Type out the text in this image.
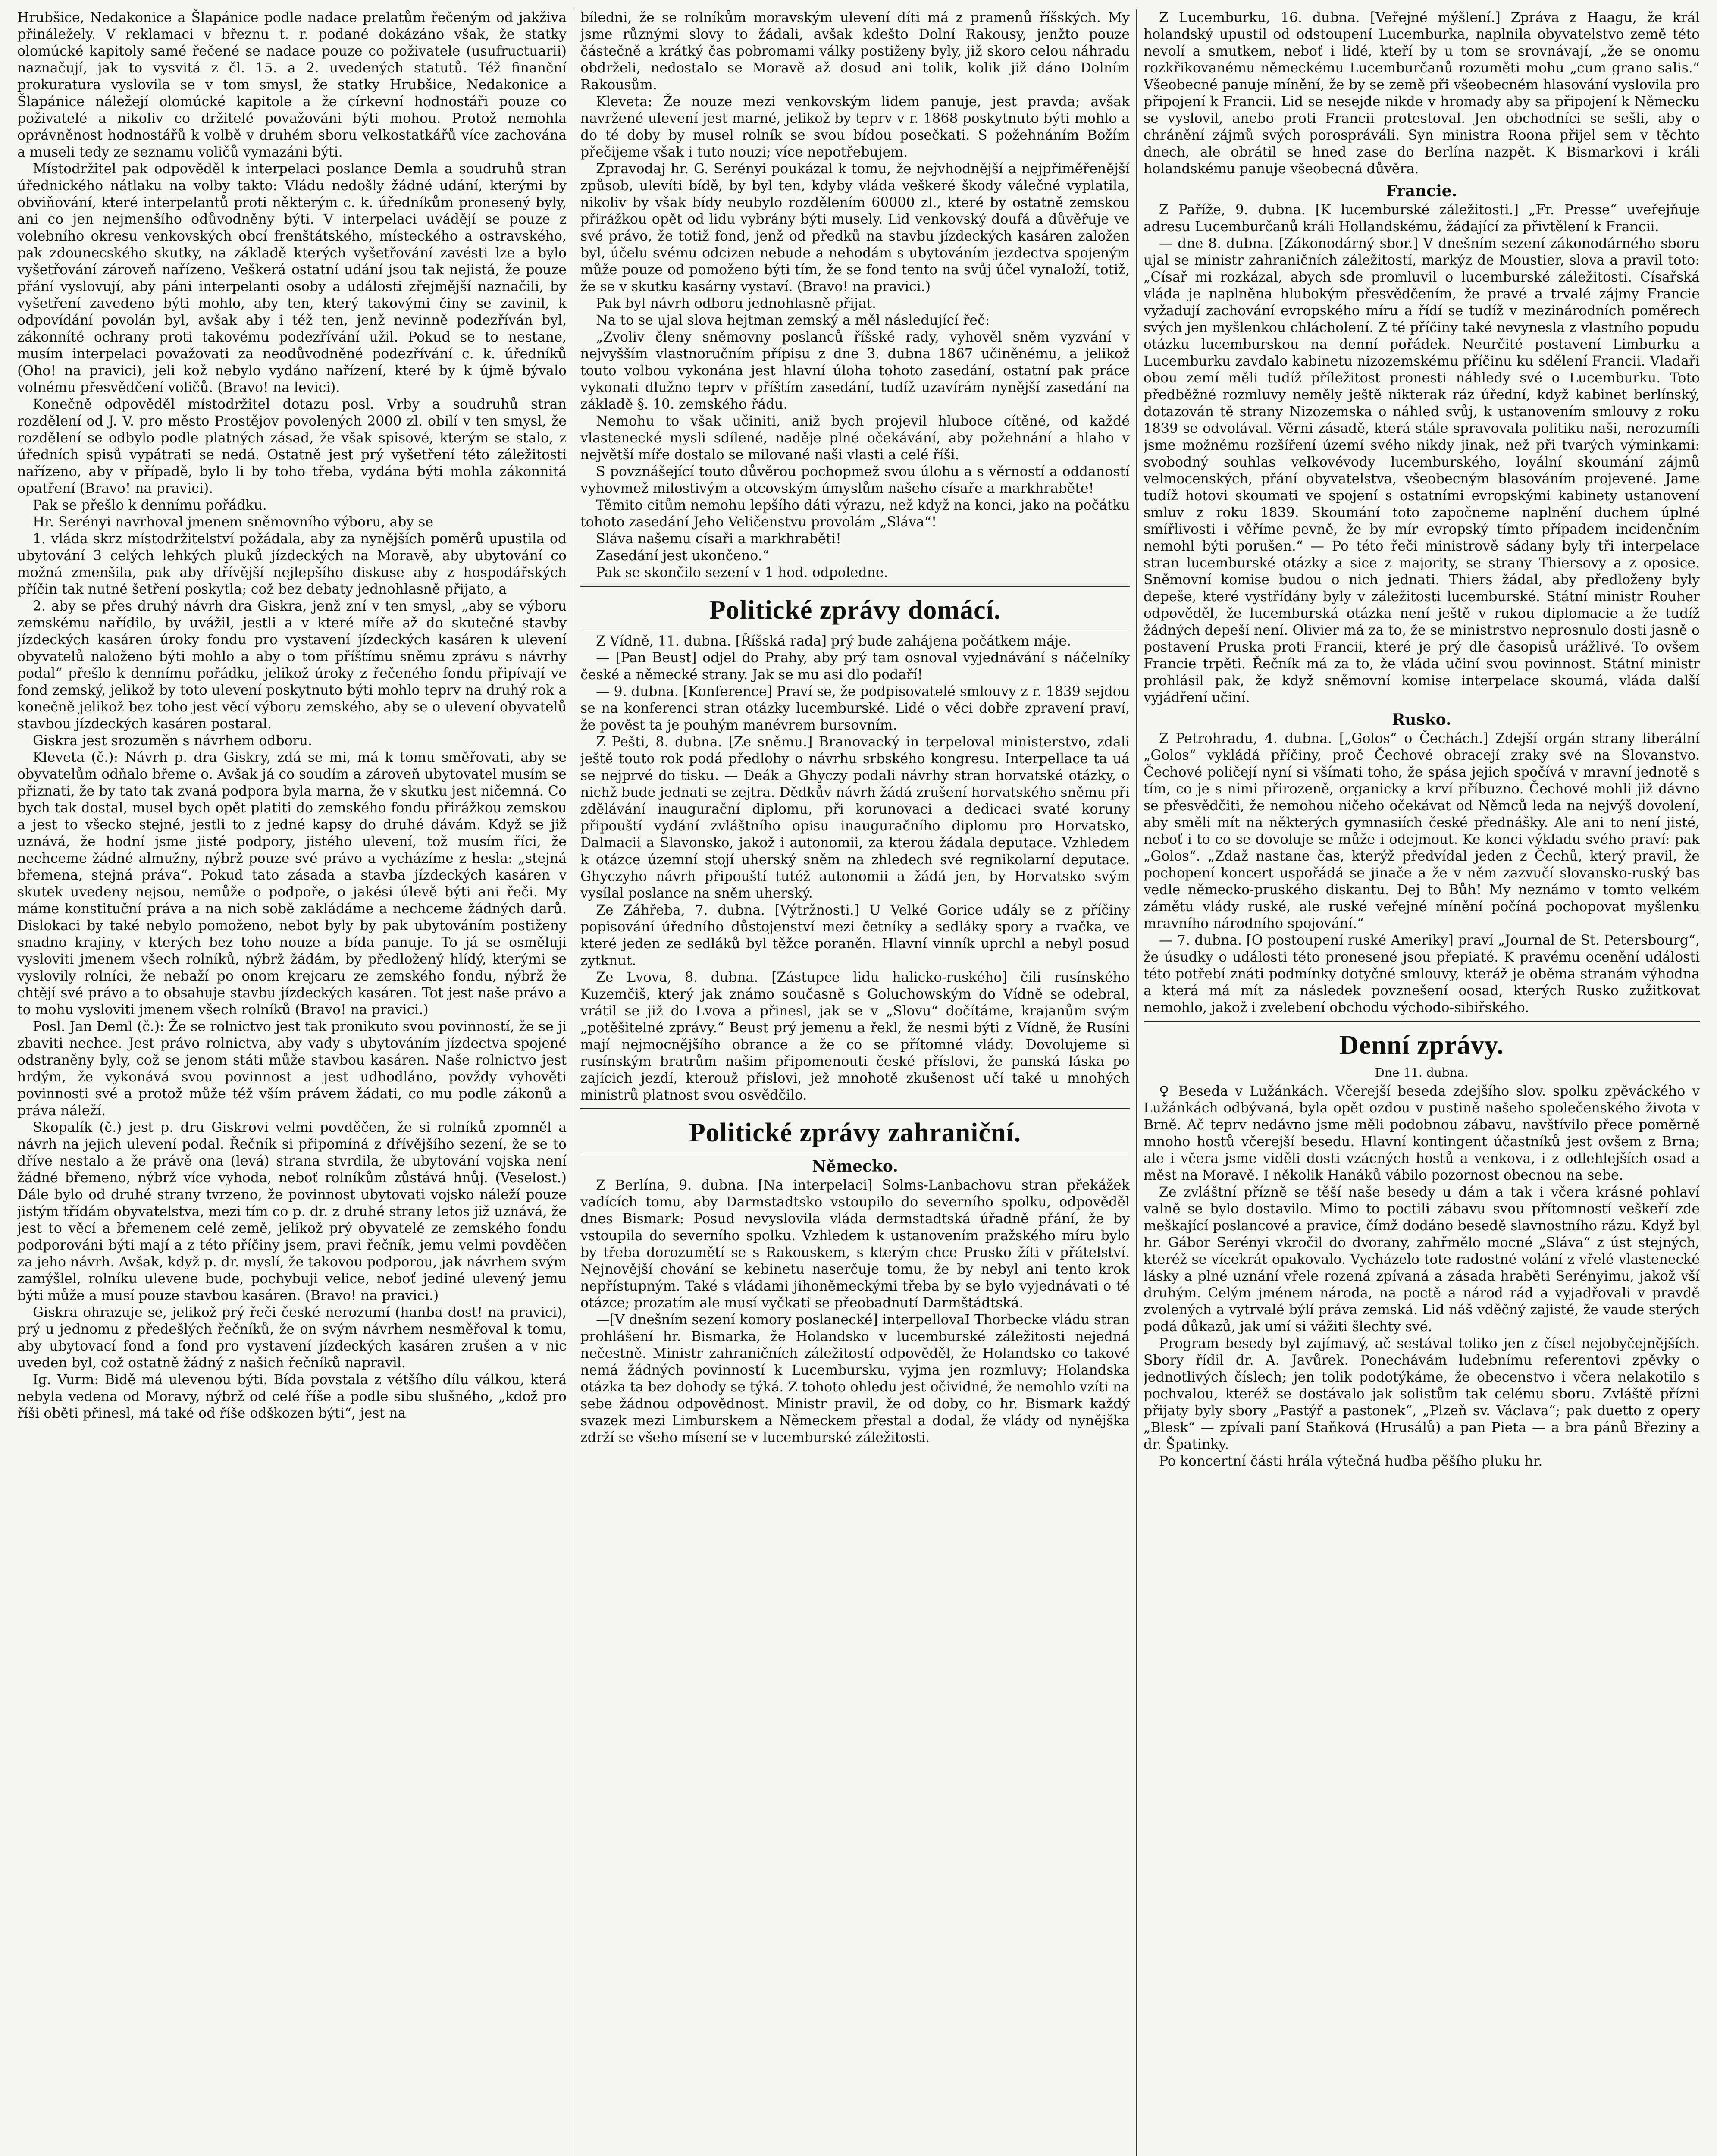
Hrubšice, Nedakonice a Šlapánice podle nadace prelatům řečeným od jakživa přináležely. V reklamaci v březnu t. r. podané dokázáno však, že statky olomúcké kapitoly samé řečené se nadace pouze co poživatele (usufructuarii) naznačují, jak to vysvitá z čl. 15. a 2. uvedených statutů. Též finanční prokuratura vyslovila se v tom smysl, že statky Hrubšice, Nedakonice a Šlapánice náležejí olomúcké kapitole a že církevní hodnostáři pouze co poživatelé a nikoliv co držitelé považováni býti mohou. Protož nemohla oprávněnost hodnostářů k volbě v druhém sboru velkostatkářů více zachována a museli tedy ze seznamu voličů vymazáni býti.

Místodržitel pak odpověděl k interpelaci poslance Demla a soudruhů stran úřednického nátlaku na volby takto: Vládu nedošly žádné udání, kterými by obviňování, které interpelantů proti některým c. k. úředníkům pronesený byly, ani co jen nejmenšího odůvodněny býti. V interpelaci uvádějí se pouze z volebního okresu venkovských obcí frenštátského, místeckého a ostravského, pak zdounecského skutky, na základě kterých vyšetřování zavésti lze a bylo vyšetřování zároveň nařízeno. Veškerá ostatní udání jsou tak nejistá, že pouze přání vyslovují, aby páni interpelanti osoby a události zřejmější naznačili, by vyšetření zavedeno býti mohlo, aby ten, který takovými činy se zavinil, k odpovídání povolán byl, avšak aby i též ten, jenž nevinně podezříván byl, zákonníté ochrany proti takovému podezřívání užil. Pokud se to nestane, musím interpelaci považovati za neodůvodněné podezřívání c. k. úředníků (Oho! na pravici), jeli kož nebylo vydáno nařízení, které by k újmě bývalo volnému přesvědčení voličů. (Bravo! na levici).

Konečně odpověděl místodržitel dotazu posl. Vrby a soudruhů stran rozdělení od J. V. pro město Prostějov povolených 2000 zl. obilí v ten smysl, že rozdělení se odbylo podle platných zásad, že však spisové, kterým se stalo, z úředních spisů vypátrati se nedá. Ostatně jest prý vyšetření této záležitosti nařízeno, aby v případě, bylo li by toho třeba, vydána býti mohla zákonnitá opatření (Bravo! na pravici).

Pak se přešlo k dennímu pořádku.

Hr. Serényi navrhoval jmenem sněmovního výboru, aby se

1. vláda skrz místodržitelství požádala, aby za nynějších poměrů upustila od ubytování 3 celých lehkých pluků jízdeckých na Moravě, aby ubytování co možná zmenšila, pak aby dřívější nejlepšího diskuse aby z hospodářských příčin tak nutné šetření poskytla; což bez debaty jednohlasně přijato, a

2. aby se přes druhý návrh dra Giskra, jenž zní v ten smysl, „aby se výboru zemskému nařídilo, by uvážil, jestli a v které míře až do skutečné stavby jízdeckých kasáren úroky fondu pro vystavení jízdeckých kasáren k ulevení obyvatelů naloženo býti mohlo a aby o tom příštímu sněmu zprávu s návrhy podal“ přešlo k dennímu pořádku, jelikož úroky z řečeného fondu připívají ve fond zemský, jelikož by toto ulevení poskytnuto býti mohlo teprv na druhý rok a konečně jelikož bez toho jest věcí výboru zemského, aby se o ulevení obyvatelů stavbou jízdeckých kasáren postaral.

Giskra jest srozuměn s návrhem odboru.

Kleveta (č.): Návrh p. dra Giskry, zdá se mi, má k tomu směřovati, aby se obyvatelům odňalo břeme o. Avšak já co soudím a zároveň ubytovatel musím se přiznati, že by tato tak zvaná podpora byla marna, že v skutku jest ničemná. Co bych tak dostal, musel bych opět platiti do zemského fondu přirážkou zemskou a jest to všecko stejné, jestli to z jedné kapsy do druhé dávám. Když se již uznává, že hodní jsme jisté podpory, jistého ulevení, tož musím říci, že nechceme žádné almužny, nýbrž pouze své právo a vycházíme z hesla: „stejná břemena, stejná práva“. Pokud tato zásada a stavba jízdeckých kasáren v skutek uvedeny nejsou, nemůže o podpoře, o jakési úlevě býti ani řeči. My máme konstituční práva a na nich sobě zakládáme a nechceme žádných darů. Dislokaci by také nebylo pomoženo, nebot byly by pak ubytováním postiženy snadno krajiny, v kterých bez toho nouze a bída panuje. To já se osměluji vysloviti jmenem všech rolníků, nýbrž žádám, by předložený hlídý, kterými se vyslovily rolníci, že nebaží po onom krejcaru ze zemského fondu, nýbrž že chtějí své právo a to obsahuje stavbu jízdeckých kasáren. Tot jest naše právo a to mohu vysloviti jmenem všech rolníků (Bravo! na pravici.)

Posl. Jan Deml (č.): Že se rolnictvo jest tak pronikuto svou povinností, že se ji zbaviti nechce. Jest právo rolnictva, aby vady s ubytováním jízdectva spojené odstraněny byly, což se jenom státi může stavbou kasáren. Naše rolnictvo jest hrdým, že vykonává svou povinnost a jest udhodláno, povždy vyhověti povinnosti své a protož může též vším právem žádati, co mu podle zákonů a práva náleží.

Skopalík (č.) jest p. dru Giskrovi velmi povděčen, že si rolníků zpomněl a návrh na jejich ulevení podal. Řečník si připomíná z dřívějšího sezení, že se to dříve nestalo a že právě ona (levá) strana stvrdila, že ubytování vojska není žádné břemeno, nýbrž více vyhoda, neboť rolníkům zůstává hnůj. (Veselost.) Dále bylo od druhé strany tvrzeno, že povinnost ubytovati vojsko náleží pouze jistým třídám obyvatelstva, mezi tím co p. dr. z druhé strany letos již uznává, že jest to věcí a břemenem celé země, jelikož prý obyvatelé ze zemského fondu podporováni býti mají a z této příčiny jsem, pravi řečník, jemu velmi povděčen za jeho návrh. Avšak, když p. dr. myslí, že takovou podporou, jak návrhem svým zamýšlel, rolníku ulevene bude, pochybuji velice, neboť jediné ulevený jemu býti může a musí pouze stavbou kasáren. (Bravo! na pravici.)

Giskra ohrazuje se, jelikož prý řeči české nerozumí (hanba dost! na pravici), prý u jednomu z předešlých řečníků, že on svým návrhem nesměřoval k tomu, aby ubytovací fond a fond pro vystavení jízdeckých kasáren zrušen a v nic uveden byl, což ostatně žádný z našich řečníků napravil.

Ig. Vurm: Bidě má ulevenou býti. Bída povstala z vétšího dílu válkou, která nebyla vedena od Moravy, nýbrž od celé říše a podle sibu slušného, „kdož pro říši oběti přinesl, má také od říše odškozen býti“, jest na

bíledni, že se rolníkům moravským ulevení díti má z pramenů říšských. My jsme různými slovy to žádali, avšak kdešto Dolní Rakousy, jenžto pouze částečně a krátký čas pobromami války postiženy byly, již skoro celou náhradu obdrželi, nedostalo se Moravě až dosud ani tolik, kolik již dáno Dolním Rakousům.

Kleveta: Že nouze mezi venkovským lidem panuje, jest pravda; avšak navržené ulevení jest marné, jelikož by teprv v r. 1868 poskytnuto býti mohlo a do té doby by musel rolník se svou bídou posečkati. S požehnáním Božím přečijeme však i tuto nouzi; více nepotřebujem.

Zpravodaj hr. G. Serényi poukázal k tomu, že nejvhodnější a nejpřiměřenější způsob, ulevíti bídě, by byl ten, kdyby vláda veškeré škody válečné vyplatila, nikoliv by však bídy neubylo rozdělením 60000 zl., které by ostatně zemskou přirážkou opět od lidu vybrány býti musely. Lid venkovský doufá a důvěřuje ve své právo, že totiž fond, jenž od předků na stavbu jízdeckých kasáren založen byl, účelu svému odcizen nebude a nehodám s ubytováním jezdectva spojeným může pouze od pomoženo býti tím, že se fond tento na svůj účel vynaloží, totiž, že se v skutku kasárny vystaví. (Bravo! na pravici.)

Pak byl návrh odboru jednohlasně přijat.

Na to se ujal slova hejtman zemský a měl následující řeč:

„Zvoliv členy sněmovny poslanců říšské rady, vyhověl sněm vyzvání v nejvyšším vlastnoručním přípisu z dne 3. dubna 1867 učiněnému, a jelikož touto volbou vykonána jest hlavní úloha tohoto zasedání, ostatní pak práce vykonati dlužno teprv v příštím zasedání, tudíž uzavírám nynější zasedání na základě §. 10. zemského řádu.

Nemohu to však učiniti, aniž bych projevil hluboce cítěné, od každé vlastenecké mysli sdílené, naděje plné očekávání, aby požehnání a hlaho v největší míře dostalo se milované naši vlasti a celé říši.

S povznášející touto důvěrou pochopmež svou úlohu a s věrností a oddaností vyhovmež milostivým a otcovským úmyslům našeho císaře a markhraběte!

Těmito citům nemohu lepšího dáti výrazu, než když na konci, jako na počátku tohoto zasedání Jeho Veličenstvu provolám „Sláva“!

Sláva našemu císaři a markhraběti!

Zasedání jest ukončeno.“

Pak se skončilo sezení v 1 hod. odpoledne.

Politické zprávy domácí.

Z Vídně, 11. dubna. [Říšská rada] prý bude zahájena počátkem máje.

— [Pan Beust] odjel do Prahy, aby prý tam osnoval vyjednávání s náčelníky české a německé strany. Jak se mu asi dlo podaří!

— 9. dubna. [Konference] Praví se, že podpisovatelé smlouvy z r. 1839 sejdou se na konferenci stran otázky lucemburské. Lidé o věci dobře zpravení praví, že pověst ta je pouhým manévrem bursovním.

Z Pešti, 8. dubna. [Ze sněmu.] Branovacký in terpeloval ministerstvo, zdali ještě touto rok podá předlohy o návrhu srbského kongresu. Interpellace ta uá se nejprvé do tisku. — Deák a Ghyczy podali návrhy stran horvatské otázky, o nichž bude jednati se zejtra. Dědkův návrh žádá zrušení horvatského sněmu při zdělávání inaugurační diplomu, při korunovaci a dedicaci svaté koruny připouští vydání zvláštního opisu inauguračního diplomu pro Horvatsko, Dalmacii a Slavonsko, jakož i autonomii, za kterou žádala deputace. Vzhledem k otázce územní stojí uherský sněm na zhledech své regnikolarní deputace. Ghyczyho návrh připouští tutéž autonomii a žádá jen, by Horvatsko svým vysílal poslance na sněm uherský.

Ze Záhřeba, 7. dubna. [Výtržnosti.] U Velké Gorice udály se z příčiny popisování úředního důstojenství mezi četníky a sedláky spory a rvačka, ve které jeden ze sedláků byl těžce poraněn. Hlavní vinník uprchl a nebyl posud zytknut.

Ze Lvova, 8. dubna. [Zástupce lidu halicko-ruského] čili rusínského Kuzemčiš, který jak známo současně s Goluchowským do Vídně se odebral, vrátil se již do Lvova a přinesl, jak se v „Slovu“ dočítáme, krajanům svým „potěšitelné zprávy.“ Beust prý jemenu a řekl, že nesmi býti z Vídně, že Rusíni mají nejmocnějšího obrance a že co se přítomné vlády. Dovolujeme si rusínským bratrům našim připomenouti české příslovi, že panská láska po zajícich jezdí, kterouž příslovi, jež mnohotě zkušenost učí také u mnohých ministrů platnost svou osvědčilo.

Politické zprávy zahraniční.
Německo.

Z Berlína, 9. dubna. [Na interpelaci] Solms-Lanbachovu stran překážek vadících tomu, aby Darmstadtsko vstoupilo do severního spolku, odpověděl dnes Bismark: Posud nevyslovila vláda dermstadtská úřadně přání, že by vstoupila do severního spolku. Vzhledem k ustanovením pražského míru bylo by třeba dorozumětí se s Rakouskem, s kterým chce Prusko žíti v přátelství. Nejnovější chování se kebinetu naserčuje tomu, že by nebyl ani tento krok nepřístupným. Také s vládami jihoněmeckými třeba by se bylo vyjednávati o té otázce; prozatím ale musí vyčkati se přeobadnutí Darmštádtská.

—[V dnešním sezení komory poslanecké] interpellovaI Thorbecke vládu stran prohlášení hr. Bismarka, že Holandsko v lucemburské záležitosti nejedná nečestně. Ministr zahraničních záležitostí odpověděl, že Holandsko co takové nemá žádných povinností k Lucembursku, vyjma jen rozmluvy; Holandska otázka ta bez dohody se týká. Z tohoto ohledu jest očividné, že nemohlo vzíti na sebe žádnou odpovědnost. Ministr pravil, že od doby, co hr. Bismark každý svazek mezi Limburskem a Německem přestal a dodal, že vlády od nynějška zdrží se všeho mísení se v lucemburské záležitosti.

Z Lucemburku, 16. dubna. [Veřejné mýšlení.] Zpráva z Haagu, že král holandský upustil od odstoupení Lucemburka, naplnila obyvatelstvo země této nevolí a smutkem, neboť i lidé, kteří by u tom se srovnávají, „že se onomu rozkřikovanému německému Lucemburčanů rozuměti mohu „cum grano salis.“ Všeobecné panuje mínění, že by se země při všeobecném hlasování vyslovila pro připojení k Francii. Lid se nesejde nikde v hromady aby sa připojení k Německu se vyslovil, anebo proti Francii protestoval. Jen obchodníci se sešli, aby o chránění zájmů svých porospráváli. Syn ministra Roona přijel sem v těchto dnech, ale obrátil se hned zase do Berlína nazpět. K Bismarkovi i králi holandskému panuje všeobecná důvěra.

Francie.

Z Paříže, 9. dubna. [K lucemburské záležitosti.] „Fr. Presse“ uveřejňuje adresu Lucemburčanů králi Hollandskému, žádající za přivtělení k Francii.

— dne 8. dubna. [Zákonodárný sbor.] V dnešním sezení zákonodárného sboru ujal se ministr zahraničních záležitostí, markýz de Moustier, slova a pravil toto: „Císař mi rozkázal, abych sde promluvil o lucemburské záležitosti. Císařská vláda je naplněna hlubokým přesvědčením, že pravé a trvalé zájmy Francie vyžadují zachování evropského míru a řídí se tudíž v mezinárodních poměrech svých jen myšlenkou chlácholení. Z té příčiny také nevynesla z vlastního popudu otázku lucemburskou na denní pořádek. Neurčité postavení Limburku a Lucemburku zavdalo kabinetu nizozemskému příčinu ku sdělení Francii. Vladaři obou zemí měli tudíž příležitost pronesti náhledy své o Lucemburku. Toto předběžné rozmluvy neměly ještě nikterak ráz úřední, když kabinet berlínský, dotazován tě strany Nizozemska o náhled svůj, k ustanovením smlouvy z roku 1839 se odvolával. Věrni zásadě, která stále spravovala politiku naši, nerozumíli jsme možnému rozšíření území svého nikdy jinak, než při tvarých výminkami: svobodný souhlas velkovévody lucemburského, loyální skoumání zájmů velmocenských, přání obyvatelstva, všeobecným blasováním projevené. Jame tudíž hotovi skoumati ve spojení s ostatními evropskými kabinety ustanovení smluv z roku 1839. Skoumání toto započneme naplnění duchem úplné smířlivosti i věříme pevně, že by mír evropský tímto případem incidenčním nemohl býti porušen.“ — Po této řeči ministrově sádany byly tři interpelace stran lucemburské otázky a sice z majority, se strany Thiersovy a z oposice. Sněmovní komise budou o nich jednati. Thiers žádal, aby předloženy byly depeše, které vystřídány byly v záležitosti lucemburské. Státní ministr Rouher odpověděl, že lucemburská otázka není ještě v rukou diplomacie a že tudíž žádných depeší není. Olivier má za to, že se ministrstvo neprosnulo dosti jasně o postavení Pruska proti Francii, které je prý dle časopisů urážlivé. To ovšem Francie trpěti. Řečník má za to, že vláda učiní svou povinnost. Státní ministr prohlásil pak, že když sněmovní komise interpelace skoumá, vláda další vyjádření učiní.

Rusko.

Z Petrohradu, 4. dubna. [„Golos“ o Čechách.] Zdejší orgán strany liberální „Golos“ vykládá příčiny, proč Čechové obracejí zraky své na Slovanstvo. Čechové poličejí nyní si všímati toho, že spása jejich spočívá v mravní jednotě s tím, co je s nimi přirozeně, organicky a krví příbuzno. Čechové mohli již dávno se přesvědčiti, že nemohou ničeho očekávat od Němců leda na nejvýš dovolení, aby směli mít na některých gymnasiích české přednášky. Ale ani to není jisté, neboť i to co se dovoluje se může i odejmout. Ke konci výkladu svého praví: pak „Golos“. „Zdaž nastane čas, kterýž předvídal jeden z Čechů, který pravil, že pochopení koncert uspořádá se jinače a že v něm zazvučí slovansko-ruský bas vedle německo-pruského diskantu. Dej to Bůh! My neznámo v tomto velkém zámětu vlády ruské, ale ruské veřejné mínění počíná pochopovat myšlenku mravního národního spojování.“

— 7. dubna. [O postoupení ruské Ameriky] praví „Journal de St. Petersbourg“, že úsudky o události této pronesené jsou přepiaté. K pravému ocenění události této potřebí znáti podmínky dotyčné smlouvy, kteráž je oběma stranám výhodna a která má mít za následek povznešení oosad, kterých Rusko zužitkovat nemohlo, jakož i zvelebení obchodu východo-sibiřského.

Denní zprávy.
Dne 11. dubna.

♀ Beseda v Lužánkách. Včerejší beseda zdejšího slov. spolku zpěváckého v Lužánkách odbývaná, byla opět ozdou v pustině našeho společenského života v Brně. Ač teprv nedávno jsme měli podobnou zábavu, navštívilo přece poměrně mnoho hostů včerejší besedu. Hlavní kontingent účastníků jest ovšem z Brna; ale i včera jsme viděli dosti vzácných hostů a venkova, i z odlehlejších osad a měst na Moravě. I několik Hanáků vábilo pozornost obecnou na sebe.

Ze zvláštní přízně se těší naše besedy u dám a tak i včera krásné pohlaví valně se bylo dostavilo. Mimo to poctili zábavu svou přítomností veškeří zde meškající poslancové a pravice, čímž dodáno besedě slavnostního rázu. Když byl hr. Gábor Serényi vkročil do dvorany, zahřmělo mocné „Sláva“ z úst stejných, kteréž se vícekrát opakovalo. Vycházelo tote radostné volání z vřelé vlastenecké lásky a plné uznání vřele rozená zpívaná a zásada hraběti Serényimu, jakož vší druhým. Celým jménem národa, na poctě a národ rád a vyjadřovali v pravdě zvolených a vytrvalé býlí práva zemská. Lid náš vděčný zajisté, že vaude sterých podá důkazů, jak umí si vážiti šlechty své.

Program besedy byl zajímavý, ač sestával toliko jen z čísel nejobyčejnějších. Sbory řídil dr. A. Javůrek. Ponechávám ludebnímu referentovi zpěvky o jednotlivých číslech; jen tolik podotýkáme, že obecenstvo i včera nelakotilo s pochvalou, kteréž se dostávalo jak solistům tak celému sboru. Zvláště přízni přijaty byly sbory „Pastýř a pastonek“, „Plzeň sv. Václava“; pak duetto z opery „Blesk“ — zpívali paní Staňková (Hrusálů) a pan Pieta — a bra pánů Březiny a dr. Špatinky.

Po koncertní části hrála výtečná hudba pěšího pluku hr.
